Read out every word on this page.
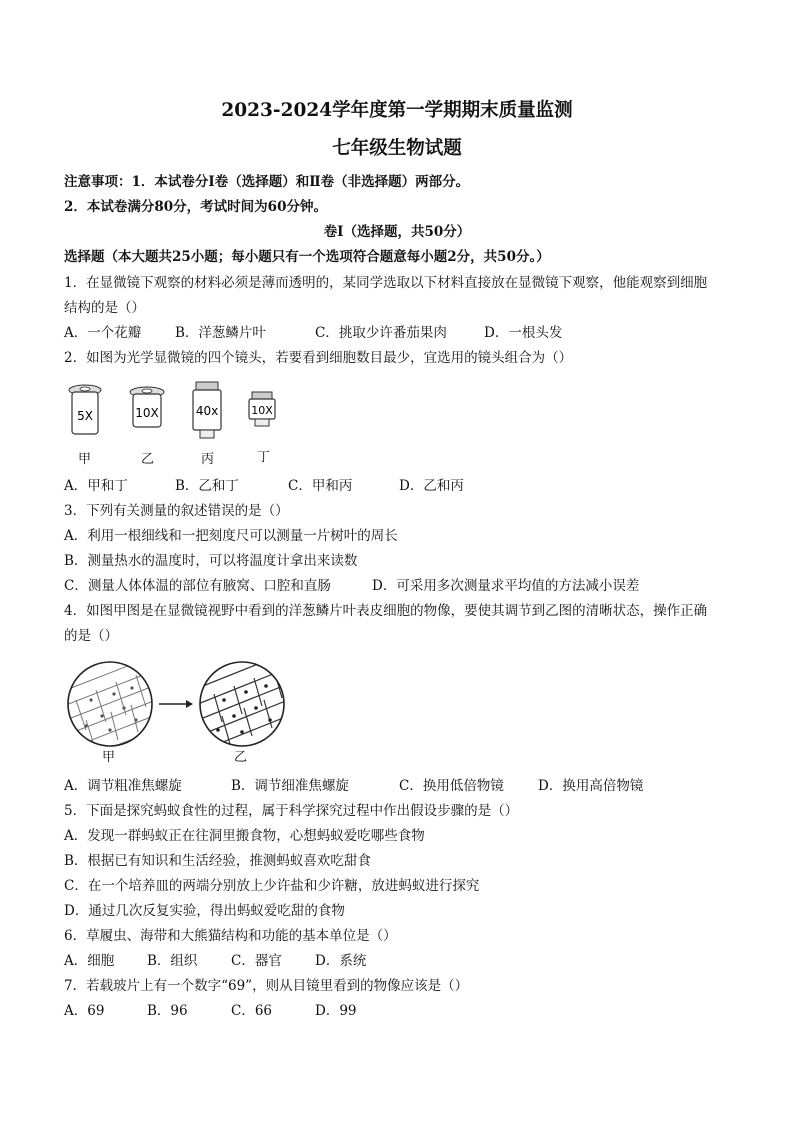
2023-2024学年度第一学期期末质量监测
七年级生物试题
注意事项：1．本试卷分Ⅰ卷（选择题）和Ⅱ卷（非选择题）两部分。
2．本试卷满分80分，考试时间为60分钟。
卷Ⅰ（选择题，共50分）
选择题（本大题共25小题；每小题只有一个选项符合题意每小题2分，共50分。）
1．在显微镜下观察的材料必须是薄而透明的，某同学选取以下材料直接放在显微镜下观察，他能观察到细胞
结构的是（）
A．一个花瓣	B．洋葱鳞片叶	C．挑取少许番茄果肉	D．一根头发
2．如图为光学显微镜的四个镜头，若要看到细胞数目最少，宜选用的镜头组合为（）
5X	10X	40x	10X
甲	乙	丙	丁
A．甲和丁	B．乙和丁	C．甲和丙	D．乙和丙
3．下列有关测量的叙述错误的是（）
A．利用一根细线和一把刻度尺可以测量一片树叶的周长
B．测量热水的温度时，可以将温度计拿出来读数
C．测量人体体温的部位有腋窝、口腔和直肠	D．可采用多次测量求平均值的方法减小误差
4．如图甲图是在显微镜视野中看到的洋葱鳞片叶表皮细胞的物像，要使其调节到乙图的清晰状态，操作正确
的是（）
甲	乙
A．调节粗准焦螺旋	B．调节细准焦螺旋	C．换用低倍物镜	D．换用高倍物镜
5．下面是探究蚂蚁食性的过程，属于科学探究过程中作出假设步骤的是（）
A．发现一群蚂蚁正在往洞里搬食物，心想蚂蚁爱吃哪些食物
B．根据已有知识和生活经验，推测蚂蚁喜欢吃甜食
C．在一个培养皿的两端分别放上少许盐和少许糖，放进蚂蚁进行探究
D．通过几次反复实验，得出蚂蚁爱吃甜的食物
6．草履虫、海带和大熊猫结构和功能的基本单位是（）
A．细胞 B．组织 C．器官 D．系统
7．若载玻片上有一个数字“69”，则从目镜里看到的物像应该是（）
A．69	B．96	C．66	D．99
